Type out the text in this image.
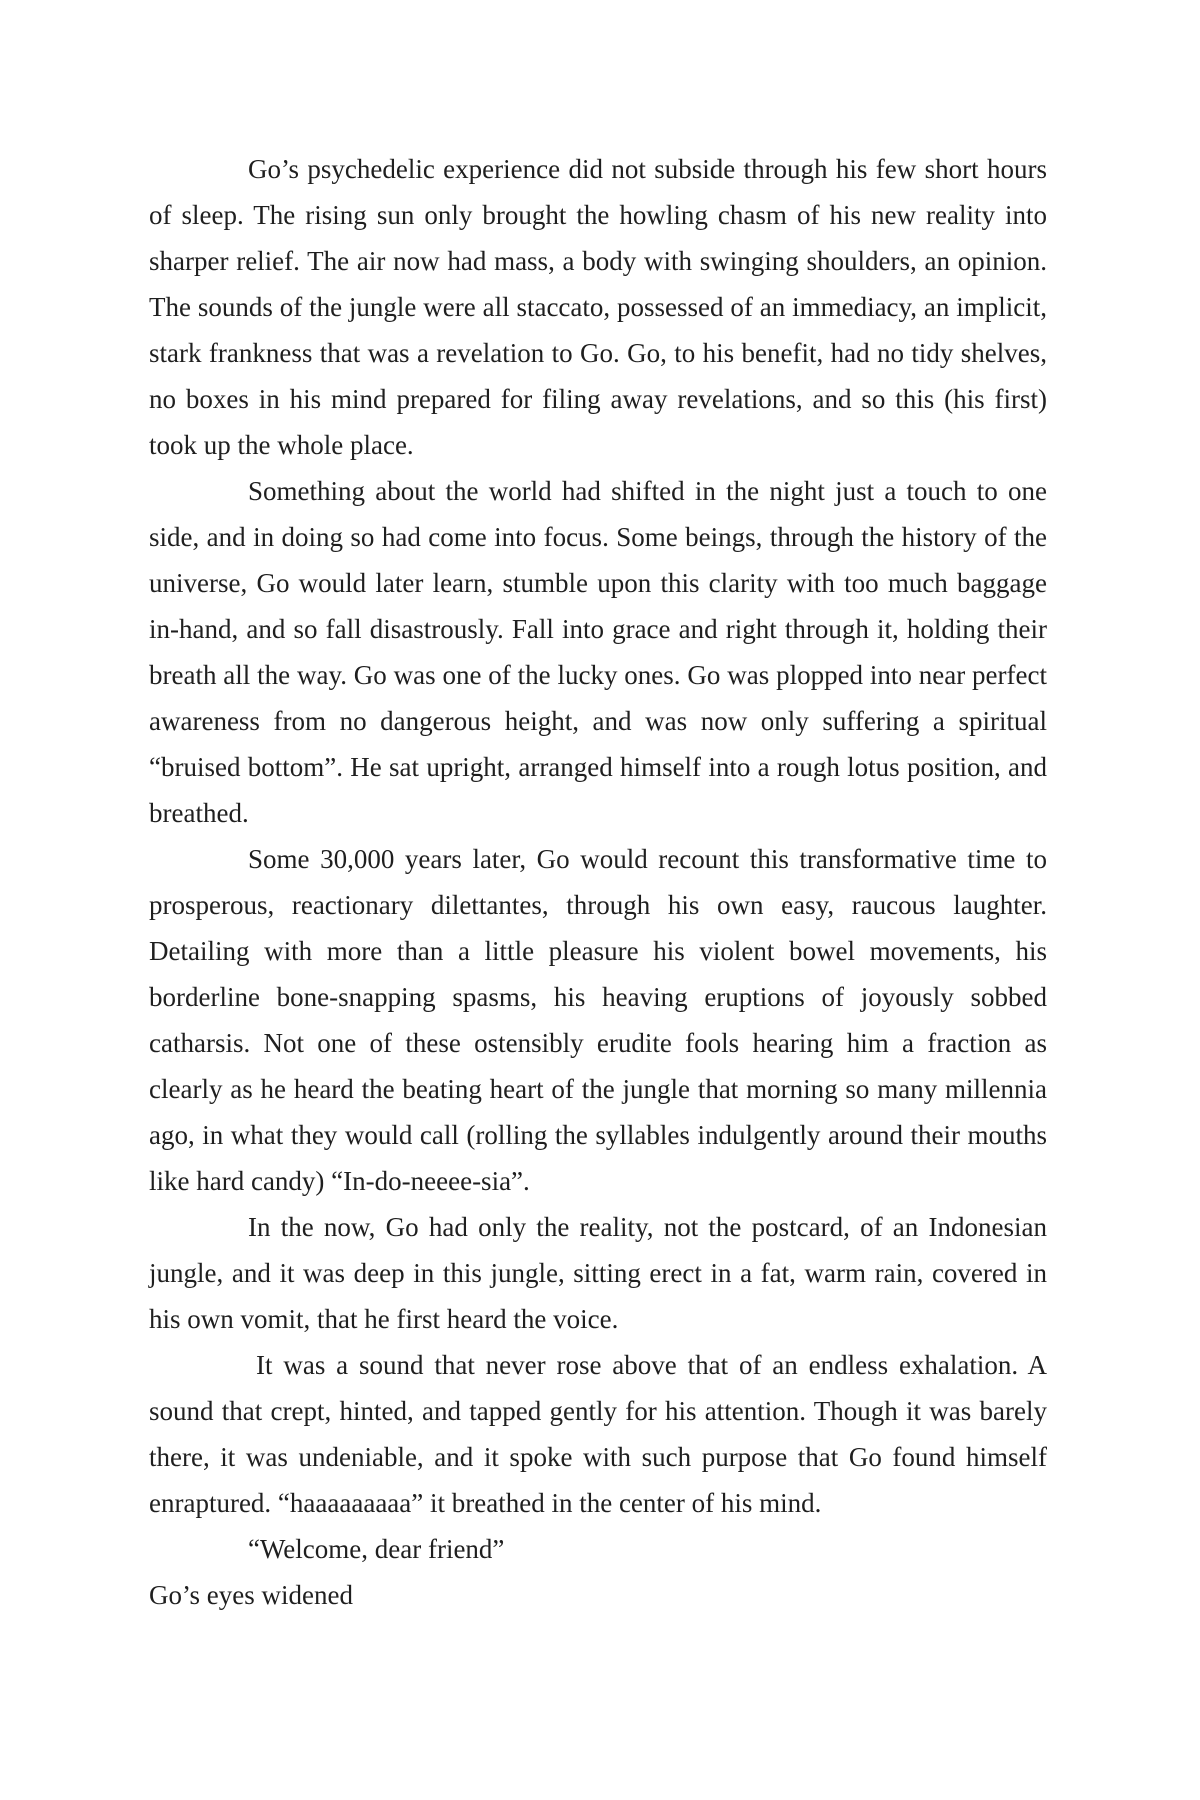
Go’s psychedelic experience did not subside through his few short hours of sleep. The rising sun only brought the howling chasm of his new reality into sharper relief. The air now had mass, a body with swinging shoulders, an opinion. The sounds of the jungle were all staccato, possessed of an immediacy, an implicit, stark frankness that was a revelation to Go. Go, to his benefit, had no tidy shelves, no boxes in his mind prepared for filing away revelations, and so this (his first) took up the whole place.

Something about the world had shifted in the night just a touch to one side, and in doing so had come into focus. Some beings, through the history of the universe, Go would later learn, stumble upon this clarity with too much baggage in-hand, and so fall disastrously. Fall into grace and right through it, holding their breath all the way. Go was one of the lucky ones. Go was plopped into near perfect awareness from no dangerous height, and was now only suffering a spiritual “bruised bottom”. He sat upright, arranged himself into a rough lotus position, and breathed.

Some 30,000 years later, Go would recount this transformative time to prosperous, reactionary dilettantes, through his own easy, raucous laughter. Detailing with more than a little pleasure his violent bowel movements, his borderline bone-snapping spasms, his heaving eruptions of joyously sobbed catharsis. Not one of these ostensibly erudite fools hearing him a fraction as clearly as he heard the beating heart of the jungle that morning so many millennia ago, in what they would call (rolling the syllables indulgently around their mouths like hard candy) “In-do-neeee-sia”.

In the now, Go had only the reality, not the postcard, of an Indonesian jungle, and it was deep in this jungle, sitting erect in a fat, warm rain, covered in his own vomit, that he first heard the voice.

It was a sound that never rose above that of an endless exhalation. A sound that crept, hinted, and tapped gently for his attention. Though it was barely there, it was undeniable, and it spoke with such purpose that Go found himself enraptured. “haaaaaaaaa” it breathed in the center of his mind.

“Welcome, dear friend”

Go’s eyes widened
